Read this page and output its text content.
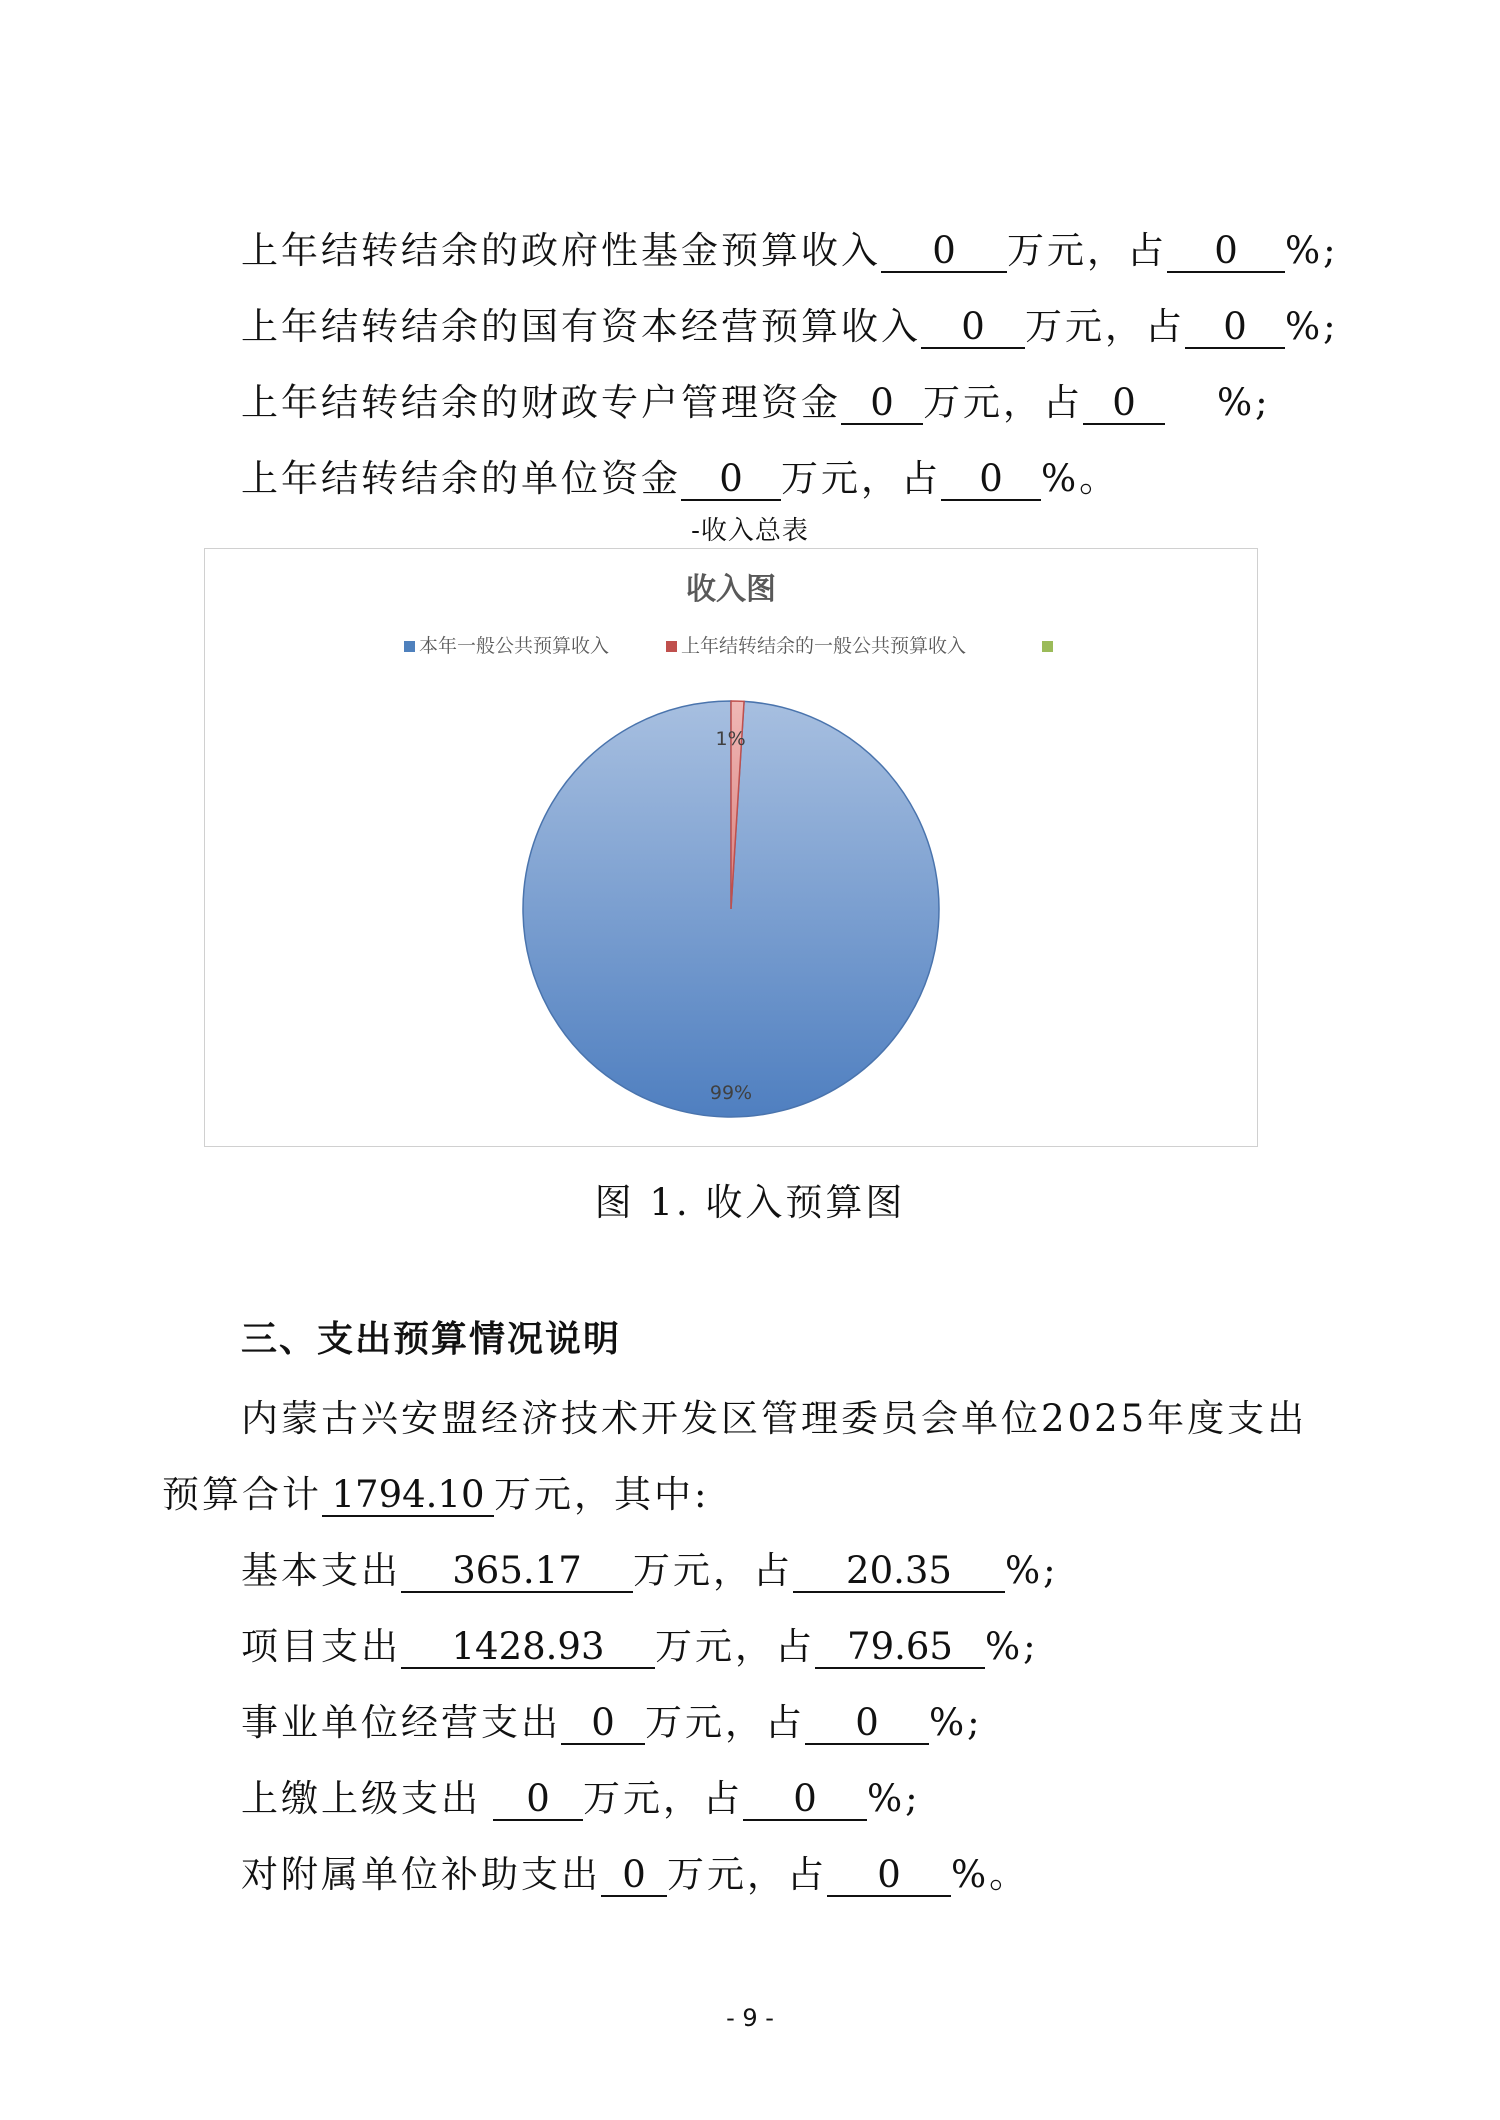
上年结转结余的政府性基金预算收入 0 万元，占 0 %;
上年结转结余的国有资本经营预算收入 0 万元，占 0 %;
上年结转结余的财政专户管理资金 0 万元，占 0 %;
上年结转结余的单位资金 0 万元，占 0 %。
-收入总表
收入图
本年一般公共预算收入	上年结转结余的一般公共预算收入
99%
1%
图 1. 收入预算图
三、支出预算情况说明
内蒙古兴安盟经济技术开发区管理委员会单位2025年度支出
预算合计 1794.10 万元，其中:
基本支出 365.17 万元，占 20.35 %;
项目支出 1428.93 万元，占 79.65 %;
事业单位经营支出 0 万元，占 0 %;
上缴上级支出 0 万元，占 0 %;
对附属单位补助支出 0 万元，占 0 %。
- 9 -
